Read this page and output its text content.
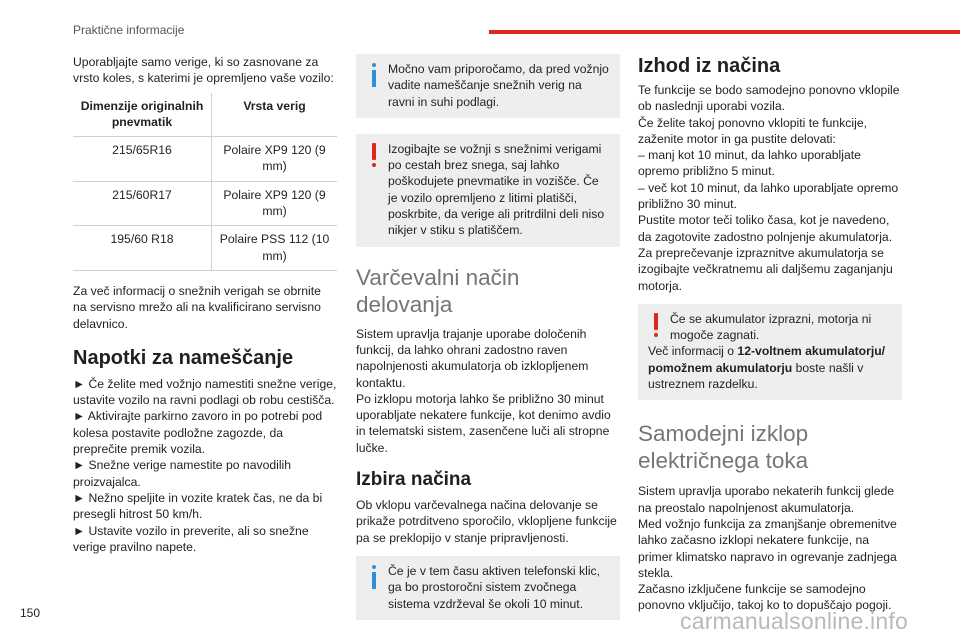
Praktične informacije

Uporabljajte samo verige, ki so zasnovane za vrsto koles, s katerimi je opremljeno vaše vozilo:

Dimenzije originalnih pnevmatik	Vrsta verig
215/65R16	Polaire XP9 120 (9 mm)
215/60R17	Polaire XP9 120 (9 mm)
195/60 R18	Polaire PSS 112 (10 mm)

Za več informacij o snežnih verigah se obrnite na servisno mrežo ali na kvalificirano servisno delavnico.

Napotki za nameščanje

► Če želite med vožnjo namestiti snežne verige, ustavite vozilo na ravni podlagi ob robu cestišča.

► Aktivirajte parkirno zavoro in po potrebi pod kolesa postavite podložne zagozde, da preprečite premik vozila.

► Snežne verige namestite po navodilih proizvajalca.

► Nežno speljite in vozite kratek čas, ne da bi presegli hitrost 50 km/h.

► Ustavite vozilo in preverite, ali so snežne verige pravilno napete.

Močno vam priporočamo, da pred vožnjo vadite nameščanje snežnih verig na ravni in suhi podlagi.

Izogibajte se vožnji s snežnimi verigami po cestah brez snega, saj lahko poškodujete pnevmatike in vozišče. Če je vozilo opremljeno z litimi platišči, poskrbite, da verige ali pritrdilni deli niso nikjer v stiku s platiščem.

Varčevalni način
delovanja

Sistem upravlja trajanje uporabe določenih funkcij, da lahko ohrani zadostno raven napolnjenosti akumulatorja ob izklopljenem kontaktu.

Po izklopu motorja lahko še približno 30 minut uporabljate nekatere funkcije, kot denimo avdio in telematski sistem, zasenčene luči ali stropne lučke.

Izbira načina

Ob vklopu varčevalnega načina delovanje se prikaže potrditveno sporočilo, vklopljene funkcije pa se preklopijo v stanje pripravljenosti.

Če je v tem času aktiven telefonski klic, ga bo prostoročni sistem zvočnega sistema vzdrževal še okoli 10 minut.

Izhod iz načina

Te funkcije se bodo samodejno ponovno vklopile ob naslednji uporabi vozila.

Če želite takoj ponovno vklopiti te funkcije, zaženite motor in ga pustite delovati:

– manj kot 10 minut, da lahko uporabljate opremo približno 5 minut.

– več kot 10 minut, da lahko uporabljate opremo približno 30 minut.

Pustite motor teči toliko časa, kot je navedeno, da zagotovite zadostno polnjenje akumulatorja.

Za preprečevanje izpraznitve akumulatorja se izogibajte večkratnemu ali daljšemu zaganjanju motorja.

Če se akumulator izprazni, motorja ni mogoče zagnati.

Več informacij o 12-voltnem akumulatorju/ pomožnem akumulatorju boste našli v ustreznem razdelku.

Samodejni izklop
električnega toka

Sistem upravlja uporabo nekaterih funkcij glede na preostalo napolnjenost akumulatorja.

Med vožnjo funkcija za zmanjšanje obremenitve lahko začasno izklopi nekatere funkcije, na primer klimatsko napravo in ogrevanje zadnjega stekla.

Začasno izključene funkcije se samodejno ponovno vključijo, takoj ko to dopuščajo pogoji.

150	carmanualsonline.info
